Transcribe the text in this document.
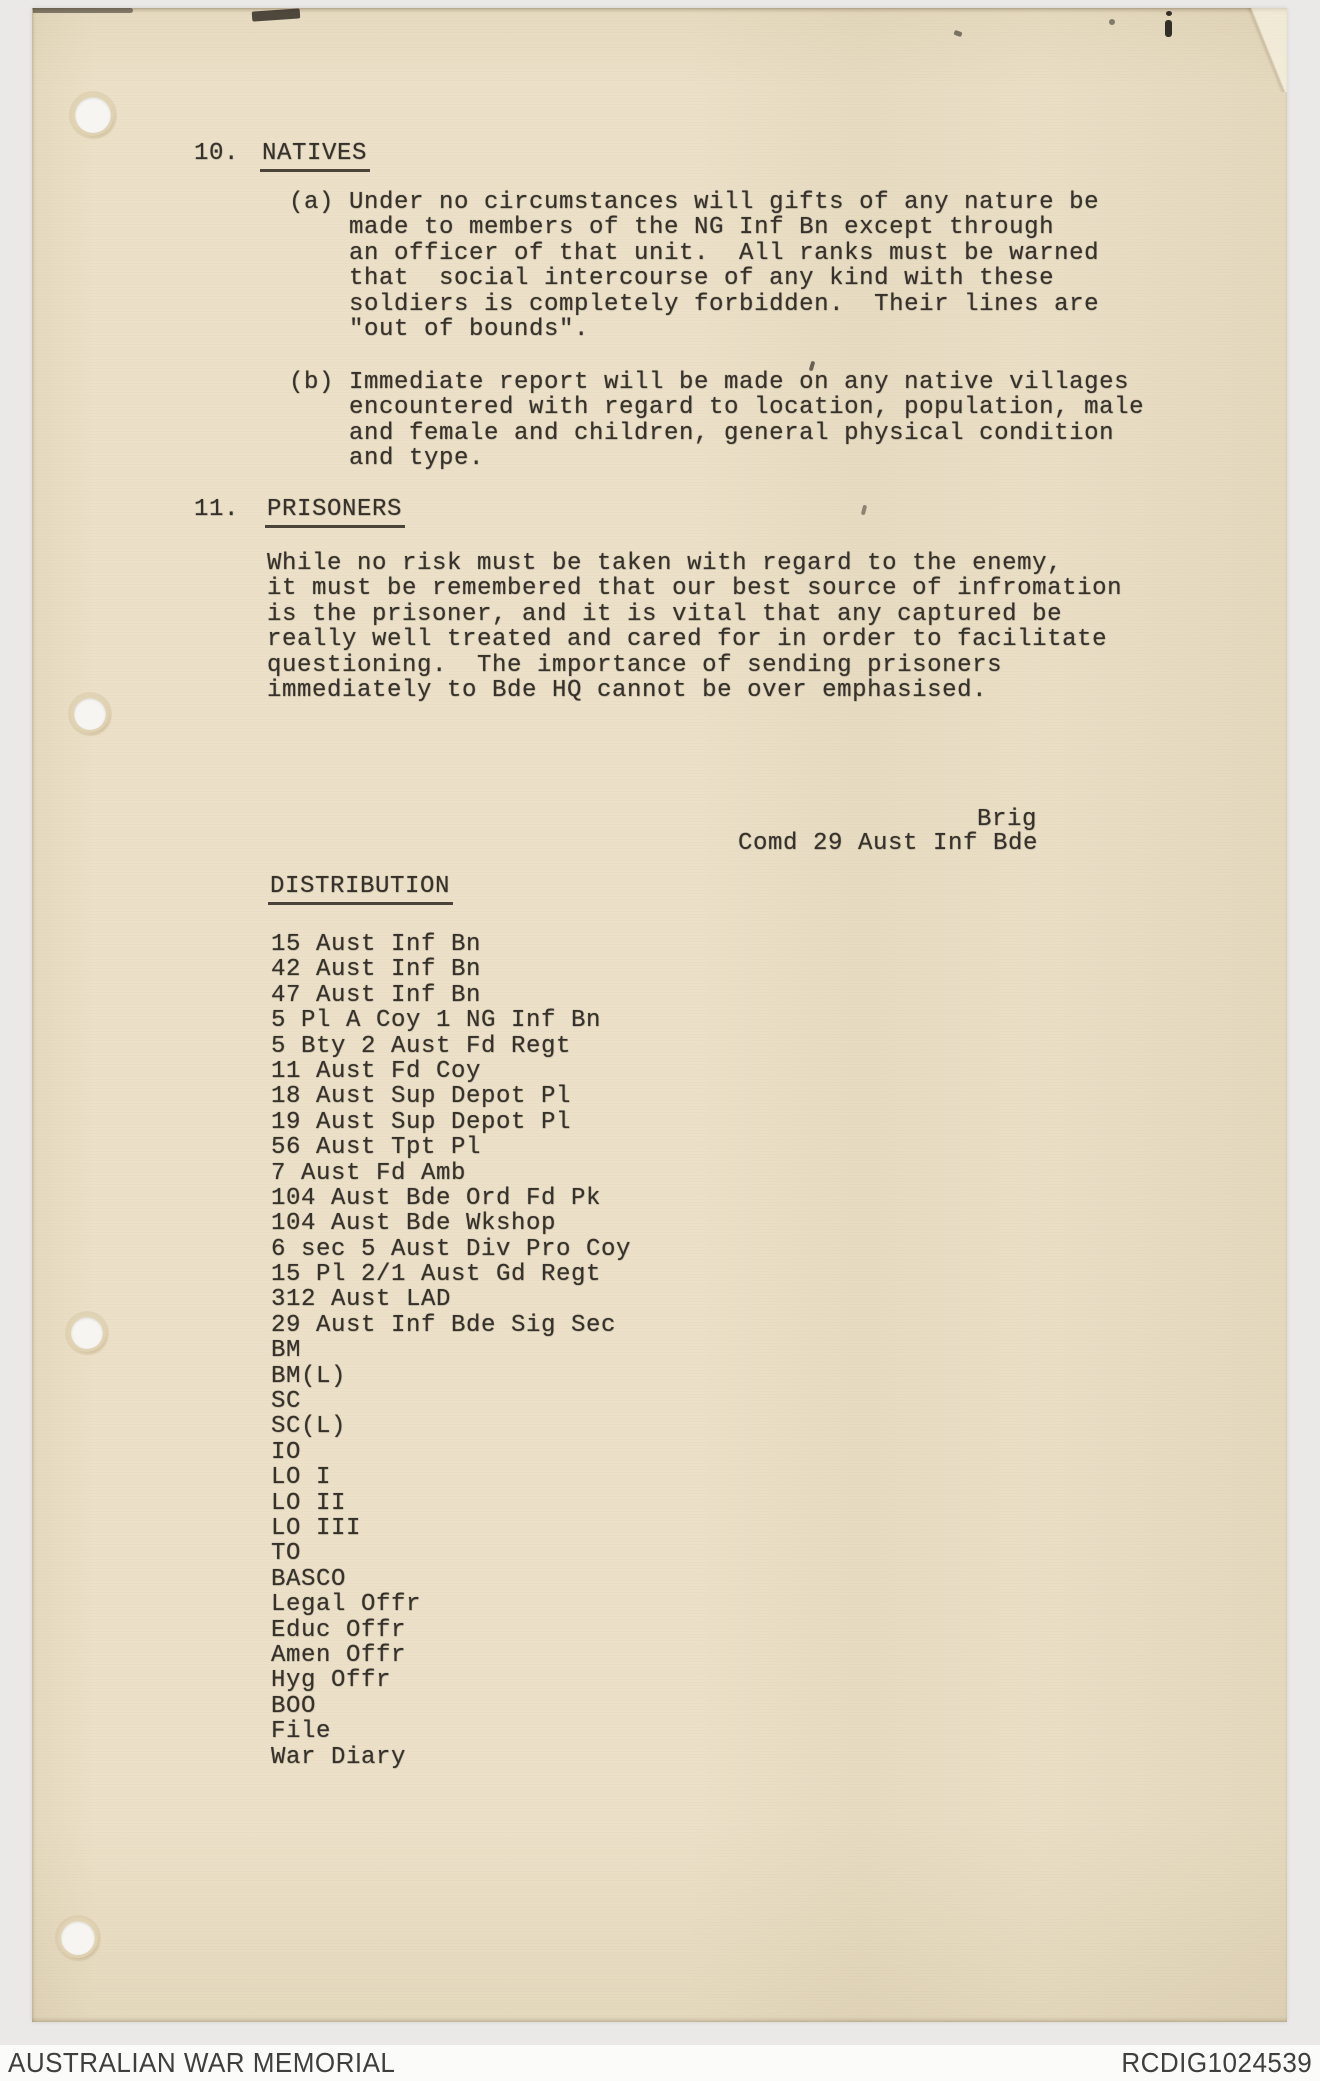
10. NATIVES
(a) Under no circumstances will gifts of any nature be
made to members of the NG Inf Bn except through
an officer of that unit.  All ranks must be warned
that  social intercourse of any kind with these
soldiers is completely forbidden.  Their lines are
"out of bounds".
(b) Immediate report will be made on any native villages
encountered with regard to location, population, male
and female and children, general physical condition
and type.
11. PRISONERS
While no risk must be taken with regard to the enemy,
it must be remembered that our best source of infromation
is the prisoner, and it is vital that any captured be
really well treated and cared for in order to facilitate
questioning.  The importance of sending prisoners
immediately to Bde HQ cannot be over emphasised.
Brig
Comd 29 Aust Inf Bde
DISTRIBUTION
15 Aust Inf Bn
42 Aust Inf Bn
47 Aust Inf Bn
5 Pl A Coy 1 NG Inf Bn
5 Bty 2 Aust Fd Regt
11 Aust Fd Coy
18 Aust Sup Depot Pl
19 Aust Sup Depot Pl
56 Aust Tpt Pl
7 Aust Fd Amb
104 Aust Bde Ord Fd Pk
104 Aust Bde Wkshop
6 sec 5 Aust Div Pro Coy
15 Pl 2/1 Aust Gd Regt
312 Aust LAD
29 Aust Inf Bde Sig Sec
BM
BM(L)
SC
SC(L)
IO
LO I
LO II
LO III
TO
BASCO
Legal Offr
Educ Offr
Amen Offr
Hyg Offr
BOO
File
War Diary
AUSTRALIAN WAR MEMORIAL	RCDIG1024539
